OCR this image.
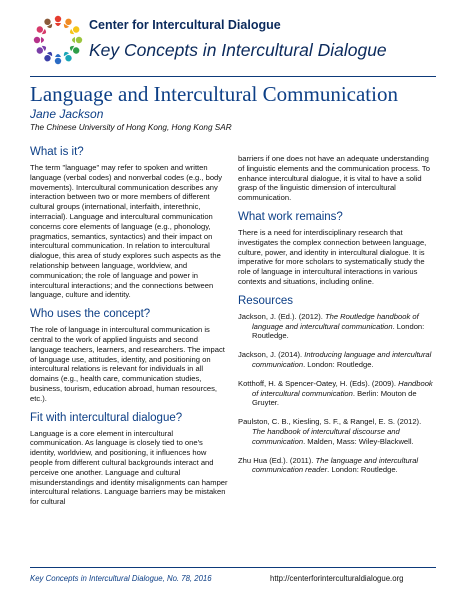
Center for Intercultural Dialogue
Key Concepts in Intercultural Dialogue
Language and Intercultural Communication
Jane Jackson
The Chinese University of Hong Kong, Hong Kong SAR
What is it?

The term "language" may refer to spoken and written language (verbal codes) and nonverbal codes (e.g., body movements). Intercultural communication describes any interaction between two or more members of different cultural groups (international, interfaith, interethnic, interracial). Language and intercultural communication concerns core elements of language (e.g., phonology, pragmatics, semantics, syntactics) and their impact on intercultural communication. In relation to intercultural dialogue, this area of study explores such aspects as the relationship between language, worldview, and communication; the role of language and power in intercultural interactions; and the connections between language, culture and identity.

Who uses the concept?

The role of language in intercultural communication is central to the work of applied linguists and second language teachers, learners, and researchers. The impact of language use, attitudes, identity, and positioning on intercultural relations is relevant for individuals in all domains (e.g., health care, communication studies, business, tourism, education abroad, human resources, etc.).

Fit with intercultural dialogue?

Language is a core element in intercultural communication. As language is closely tied to one's identity, worldview, and positioning, it influences how people from different cultural backgrounds interact and perceive one another. Language and cultural misunderstandings and identity misalignments can hamper intercultural relations. Language barriers may be mistaken for cultural

barriers if one does not have an adequate understanding of linguistic elements and the communication process. To enhance intercultural dialogue, it is vital to have a solid grasp of the linguistic dimension of intercultural communication.

What work remains?

There is a need for interdisciplinary research that investigates the complex connection between language, culture, power, and identity in intercultural dialogue. It is imperative for more scholars to systematically study the role of language in intercultural interactions in various contexts and situations, including online.

Resources
Jackson, J. (Ed.). (2012). The Routledge handbook of language and intercultural communication. London: Routledge.
Jackson, J. (2014). Introducing language and intercultural communication. London: Routledge.
Kotthoff, H. & Spencer-Oatey, H. (Eds). (2009). Handbook of intercultural communication. Berlin: Mouton de Gruyter.
Paulston, C. B., Kiesling, S. F., & Rangel, E. S. (2012). The handbook of intercultural discourse and communication. Malden, Mass: Wiley-Blackwell.
Zhu Hua (Ed.). (2011). The language and intercultural communication reader. London: Routledge.
Key Concepts in Intercultural Dialogue, No. 78, 2016	http://centerforinterculturaldialogue.org
